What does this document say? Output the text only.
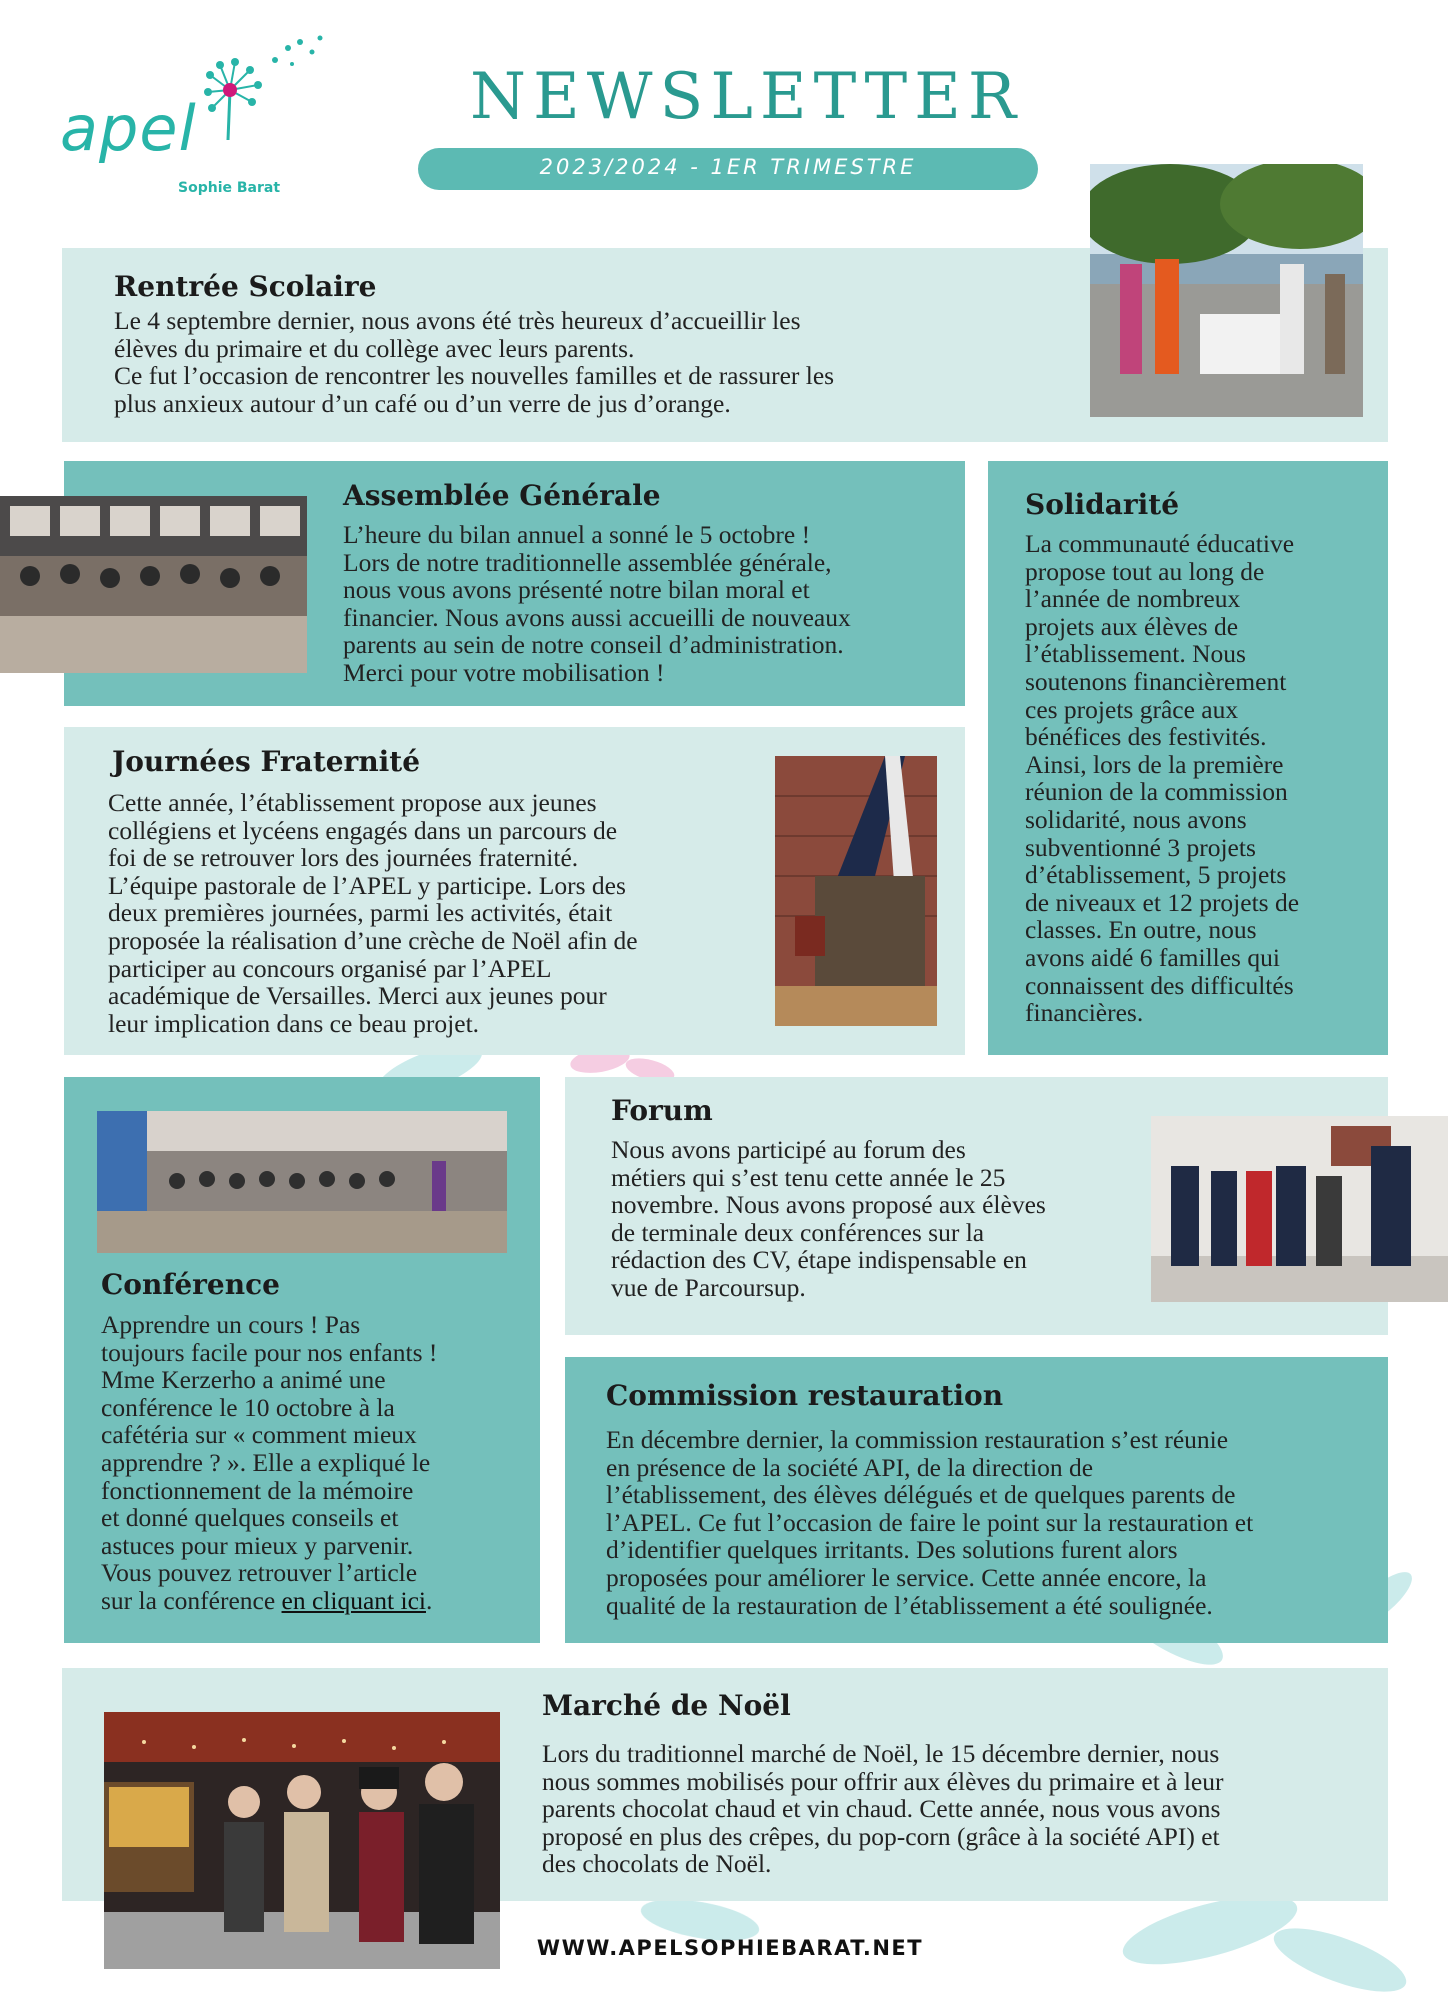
apel
Sophie Barat
NEWSLETTER
2023/2024 - 1ER TRIMESTRE
Rentrée Scolaire
Le 4 septembre dernier, nous avons été très heureux d’accueillir les
élèves du primaire et du collège avec leurs parents.
Ce fut l’occasion de rencontrer les nouvelles familles et de rassurer les
plus anxieux autour d’un café ou d’un verre de jus d’orange.
Assemblée Générale
L’heure du bilan annuel a sonné le 5 octobre !
Lors de notre traditionnelle assemblée générale,
nous vous avons présenté notre bilan moral et
financier. Nous avons aussi accueilli de nouveaux
parents au sein de notre conseil d’administration.
Merci pour votre mobilisation !
Solidarité
La communauté éducative
propose tout au long de
l’année de nombreux
projets aux élèves de
l’établissement. Nous
soutenons financièrement
ces projets grâce aux
bénéfices des festivités.
Ainsi, lors de la première
réunion de la commission
solidarité, nous avons
subventionné 3 projets
d’établissement, 5 projets
de niveaux et 12 projets de
classes. En outre, nous
avons aidé 6 familles qui
connaissent des difficultés
financières.
Journées Fraternité
Cette année, l’établissement propose aux jeunes
collégiens et lycéens engagés dans un parcours de
foi de se retrouver lors des journées fraternité.
L’équipe pastorale de l’APEL y participe. Lors des
deux premières journées, parmi les activités, était
proposée la réalisation d’une crèche de Noël afin de
participer au concours organisé par l’APEL
académique de Versailles. Merci aux jeunes pour
leur implication dans ce beau projet.
Conférence
Apprendre un cours ! Pas
toujours facile pour nos enfants !
Mme Kerzerho a animé une
conférence le 10 octobre à la
cafétéria sur « comment mieux
apprendre ? ». Elle a expliqué le
fonctionnement de la mémoire
et donné quelques conseils et
astuces pour mieux y parvenir.
Vous pouvez retrouver l’article
sur la conférence en cliquant ici.
Forum
Nous avons participé au forum des
métiers qui s’est tenu cette année le 25
novembre. Nous avons proposé aux élèves
de terminale deux conférences sur la
rédaction des CV, étape indispensable en
vue de Parcoursup.
Commission restauration
En décembre dernier, la commission restauration s’est réunie
en présence de la société API, de la direction de
l’établissement, des élèves délégués et de quelques parents de
l’APEL. Ce fut l’occasion de faire le point sur la restauration et
d’identifier quelques irritants. Des solutions furent alors
proposées pour améliorer le service. Cette année encore, la
qualité de la restauration de l’établissement a été soulignée.
Marché de Noël
Lors du traditionnel marché de Noël, le 15 décembre dernier, nous
nous sommes mobilisés pour offrir aux élèves du primaire et à leur
parents chocolat chaud et vin chaud. Cette année, nous vous avons
proposé en plus des crêpes, du pop-corn (grâce à la société API) et
des chocolats de Noël.
WWW.APELSOPHIEBARAT.NET
